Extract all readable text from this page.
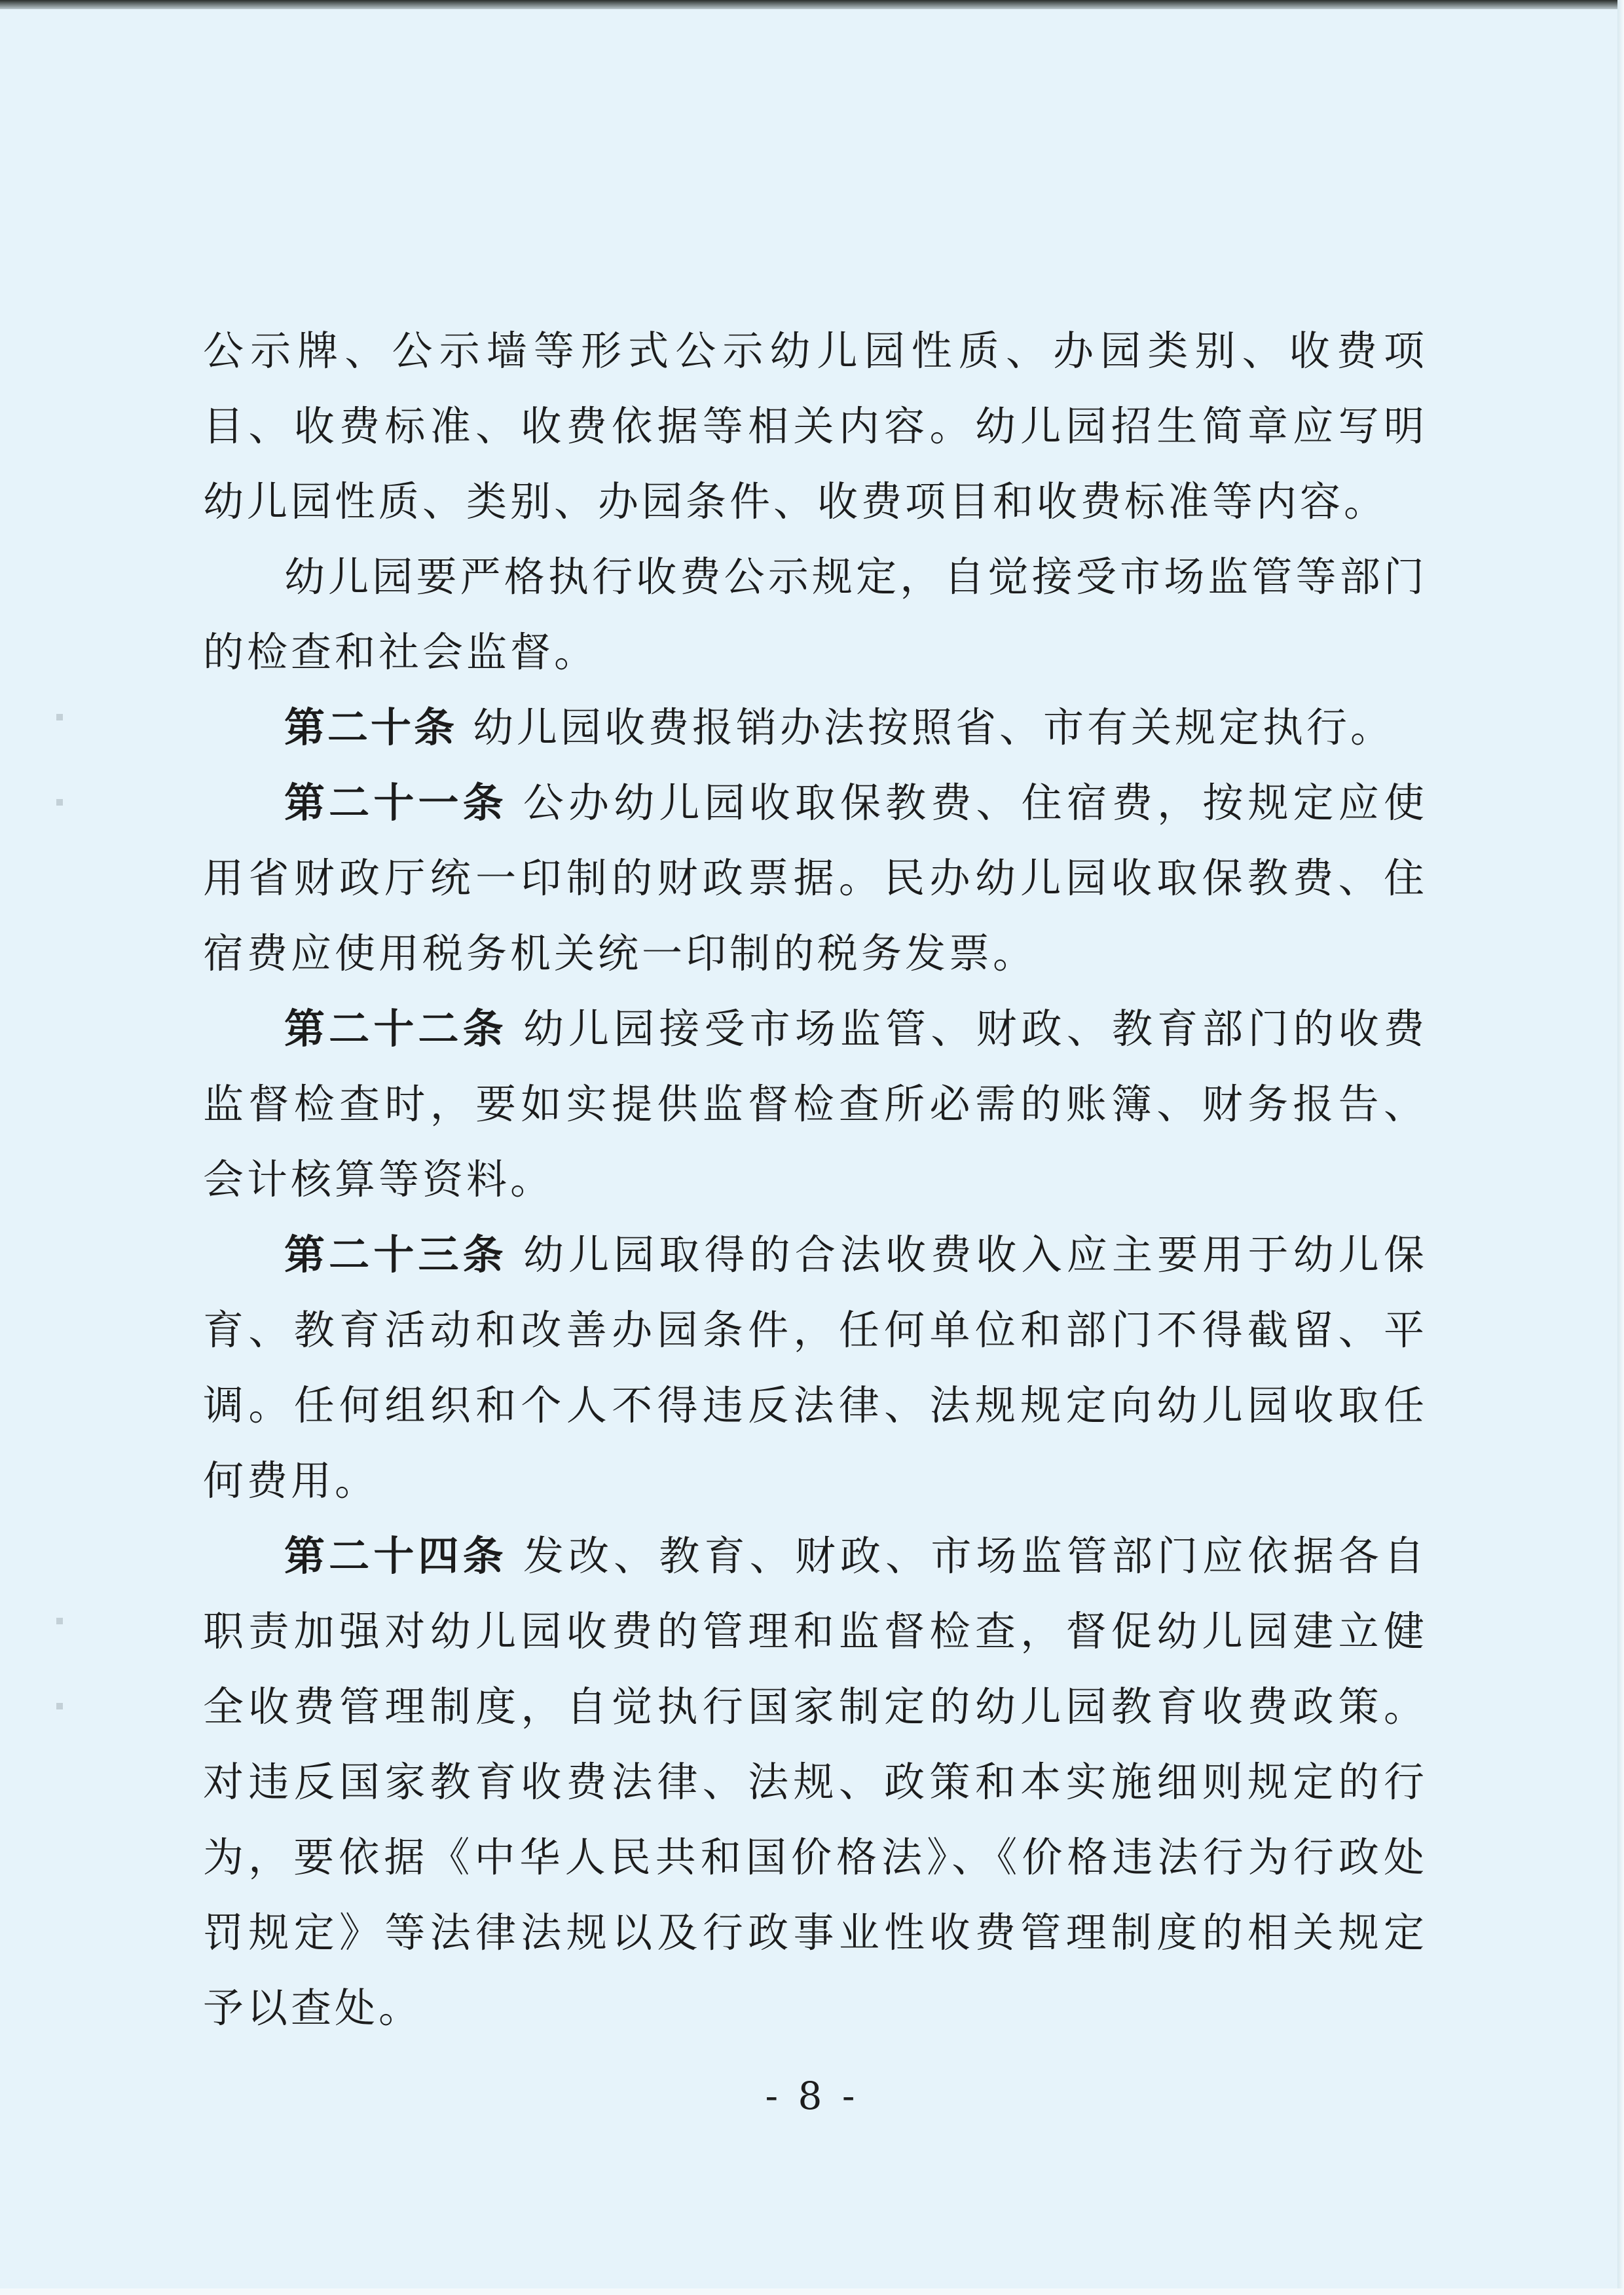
公示牌、公示墙等形式公示幼儿园性质、办园类别、收费项目、收费标准、收费依据等相关内容。幼儿园招生简章应写明幼儿园性质、类别、办园条件、收费项目和收费标准等内容。

幼儿园要严格执行收费公示规定，自觉接受市场监管等部门的检查和社会监督。

第二十条 幼儿园收费报销办法按照省、市有关规定执行。

第二十一条 公办幼儿园收取保教费、住宿费，按规定应使用省财政厅统一印制的财政票据。民办幼儿园收取保教费、住宿费应使用税务机关统一印制的税务发票。

第二十二条 幼儿园接受市场监管、财政、教育部门的收费监督检查时，要如实提供监督检查所必需的账簿、财务报告、会计核算等资料。

第二十三条 幼儿园取得的合法收费收入应主要用于幼儿保育、教育活动和改善办园条件，任何单位和部门不得截留、平调。任何组织和个人不得违反法律、法规规定向幼儿园收取任何费用。

第二十四条 发改、教育、财政、市场监管部门应依据各自职责加强对幼儿园收费的管理和监督检查，督促幼儿园建立健全收费管理制度，自觉执行国家制定的幼儿园教育收费政策。对违反国家教育收费法律、法规、政策和本实施细则规定的行为，要依据《中华人民共和国价格法》、《价格违法行为行政处罚规定》等法律法规以及行政事业性收费管理制度的相关规定予以查处。

- 8 -
